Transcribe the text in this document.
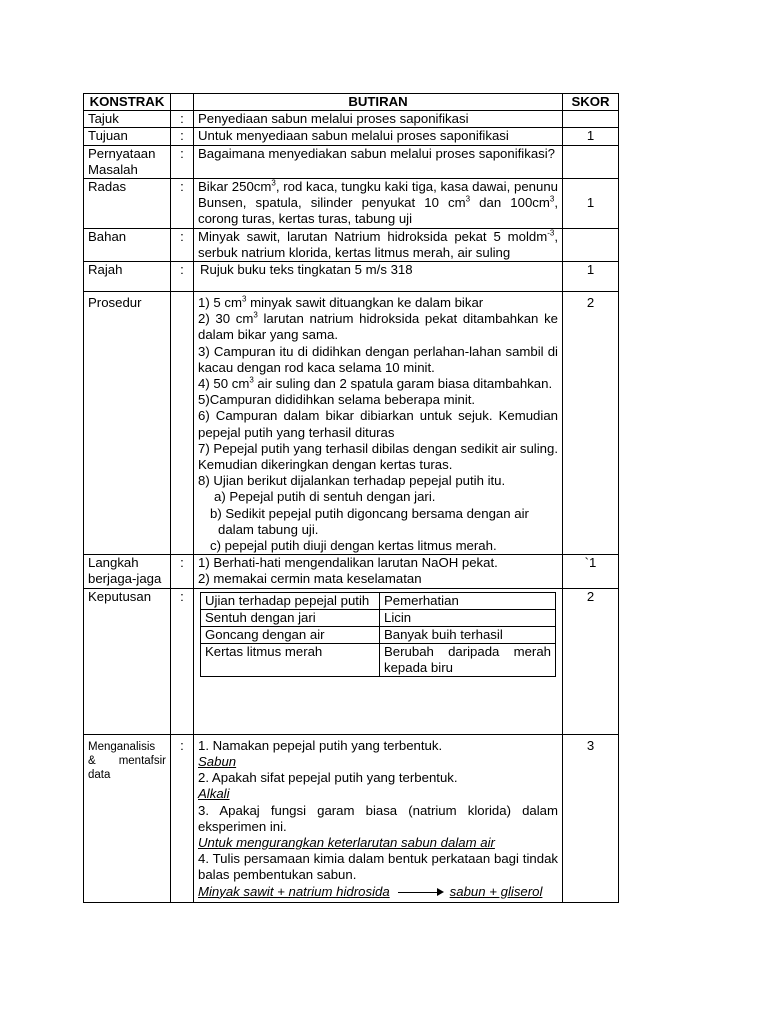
KONSTRAK		BUTIRAN	SKOR
Tajuk	:	Penyediaan sabun melalui proses saponifikasi	
Tujuan	:	Untuk menyediaan sabun melalui proses saponifikasi	1
Pernyataan
Masalah	:	Bagaimana menyediakan sabun melalui proses saponifikasi?	
Radas	:	Bikar $250cm^3$, rod kaca, tungku kaki tiga, kasa dawai, penunu Bunsen, spatula, silinder penyukat 10 $cm^3$ dan $100cm^3$, corong turas, kertas turas, tabung uji	1
Bahan	:	Minyak sawit, larutan Natrium hidroksida pekat 5 moldm$^{-3}$, serbuk natrium klorida, kertas litmus merah, air suling	
Rajah	:	Rujuk buku teks tingkatan 5 m/s 318	1
Prosedur		1) 5 $cm^3$ minyak sawit dituangkan ke dalam bikar
2) 30 $cm^3$ larutan natrium hidroksida pekat ditambahkan ke dalam bikar yang sama.
3) Campuran itu di didihkan dengan perlahan-lahan sambil di kacau dengan rod kaca selama 10 minit.
4) 50 $cm^3$ air suling dan 2 spatula garam biasa ditambahkan.
5)Campuran dididihkan selama beberapa minit.
6) Campuran dalam bikar dibiarkan untuk sejuk. Kemudian pepejal putih yang terhasil dituras
7) Pepejal putih yang terhasil dibilas dengan sedikit air suling. Kemudian dikeringkan dengan kertas turas.
8) Ujian berikut dijalankan terhadap pepejal putih itu.
a) Pepejal putih di sentuh dengan jari.
b) Sedikit pepejal putih digoncang bersama dengan air
dalam tabung uji.
c) pepejal putih diuji dengan kertas litmus merah.
	2
Langkah
berjaga-jaga	:	1) Berhati-hati mengendalikan larutan NaOH pekat.
2) memakai cermin mata keselamatan
	`1
Keputusan	:	Ujian terhadap pepejal putih	Pemerhatian
Sentuh dengan jari	Licin
Goncang dengan air	Banyak buih terhasil
Kertas litmus merah	Berubah daripada merah kepada biru
	2

Menganalisis
& mentafsir
data
	:	1. Namakan pepejal putih yang terbentuk.
Sabun
2. Apakah sifat pepejal putih yang terbentuk.
Alkali
3. Apakaj fungsi garam biasa (natrium klorida) dalam eksperimen ini.
Untuk mengurangkan keterlarutan sabun dalam air
4. Tulis persamaan kimia dalam bentuk perkataan bagi tindak balas pembentukan sabun.
Minyak sawit + natrium hidrosida	sabun + gliserol
	3
